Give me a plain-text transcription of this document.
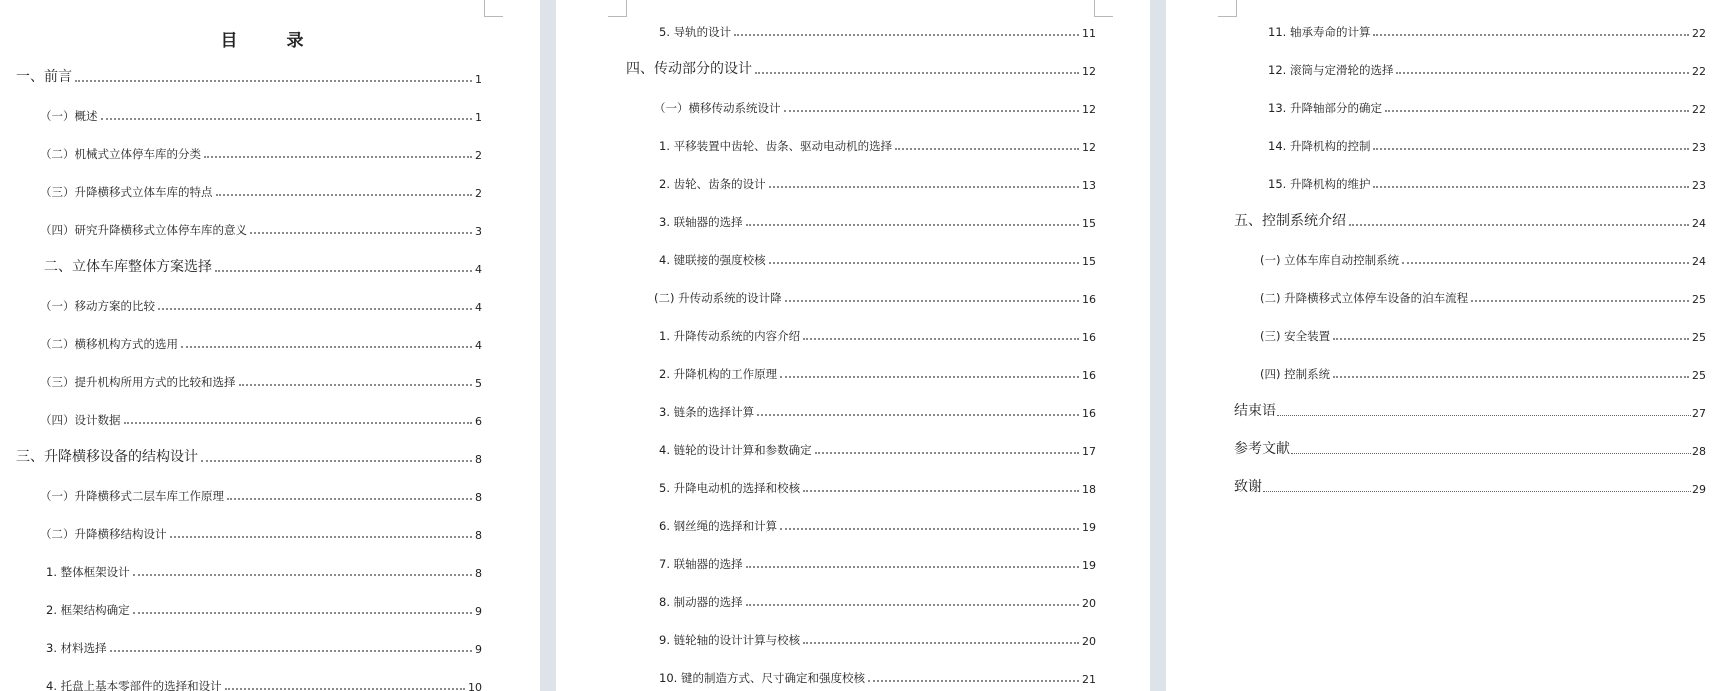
目　录
一、前言	1
（一）概述	1
（二）机械式立体停车库的分类	2
（三）升降横移式立体车库的特点	2
（四）研究升降横移式立体停车库的意义	3
二、立体车库整体方案选择	4
（一）移动方案的比较	4
（二）横移机构方式的选用	4
（三）提升机构所用方式的比较和选择	5
（四）设计数据	6
三、升降横移设备的结构设计	8
（一）升降横移式二层车库工作原理	8
（二）升降横移结构设计	8
1. 整体框架设计	8
2. 框架结构确定	9
3. 材料选择	9
4. 托盘上基本零部件的选择和设计	10
5. 导轨的设计	11
四、传动部分的设计	12
（一）横移传动系统设计	12
1. 平移装置中齿轮、齿条、驱动电动机的选择	12
2. 齿轮、齿条的设计	13
3. 联轴器的选择	15
4. 键联接的强度校核	15
(二) 升传动系统的设计降	16
1. 升降传动系统的内容介绍	16
2. 升降机构的工作原理	16
3. 链条的选择计算	16
4. 链轮的设计计算和参数确定	17
5. 升降电动机的选择和校核	18
6. 钢丝绳的选择和计算	19
7. 联轴器的选择	19
8. 制动器的选择	20
9. 链轮轴的设计计算与校核	20
10. 键的制造方式、尺寸确定和强度校核	21
11. 轴承寿命的计算	22
12. 滚筒与定滑轮的选择	22
13. 升降轴部分的确定	22
14. 升降机构的控制	23
15. 升降机构的维护	23
五、控制系统介绍	24
(一) 立体车库自动控制系统	24
(二) 升降横移式立体停车设备的泊车流程	25
(三) 安全装置	25
(四) 控制系统	25
结束语	27
参考文献	28
致谢	29
